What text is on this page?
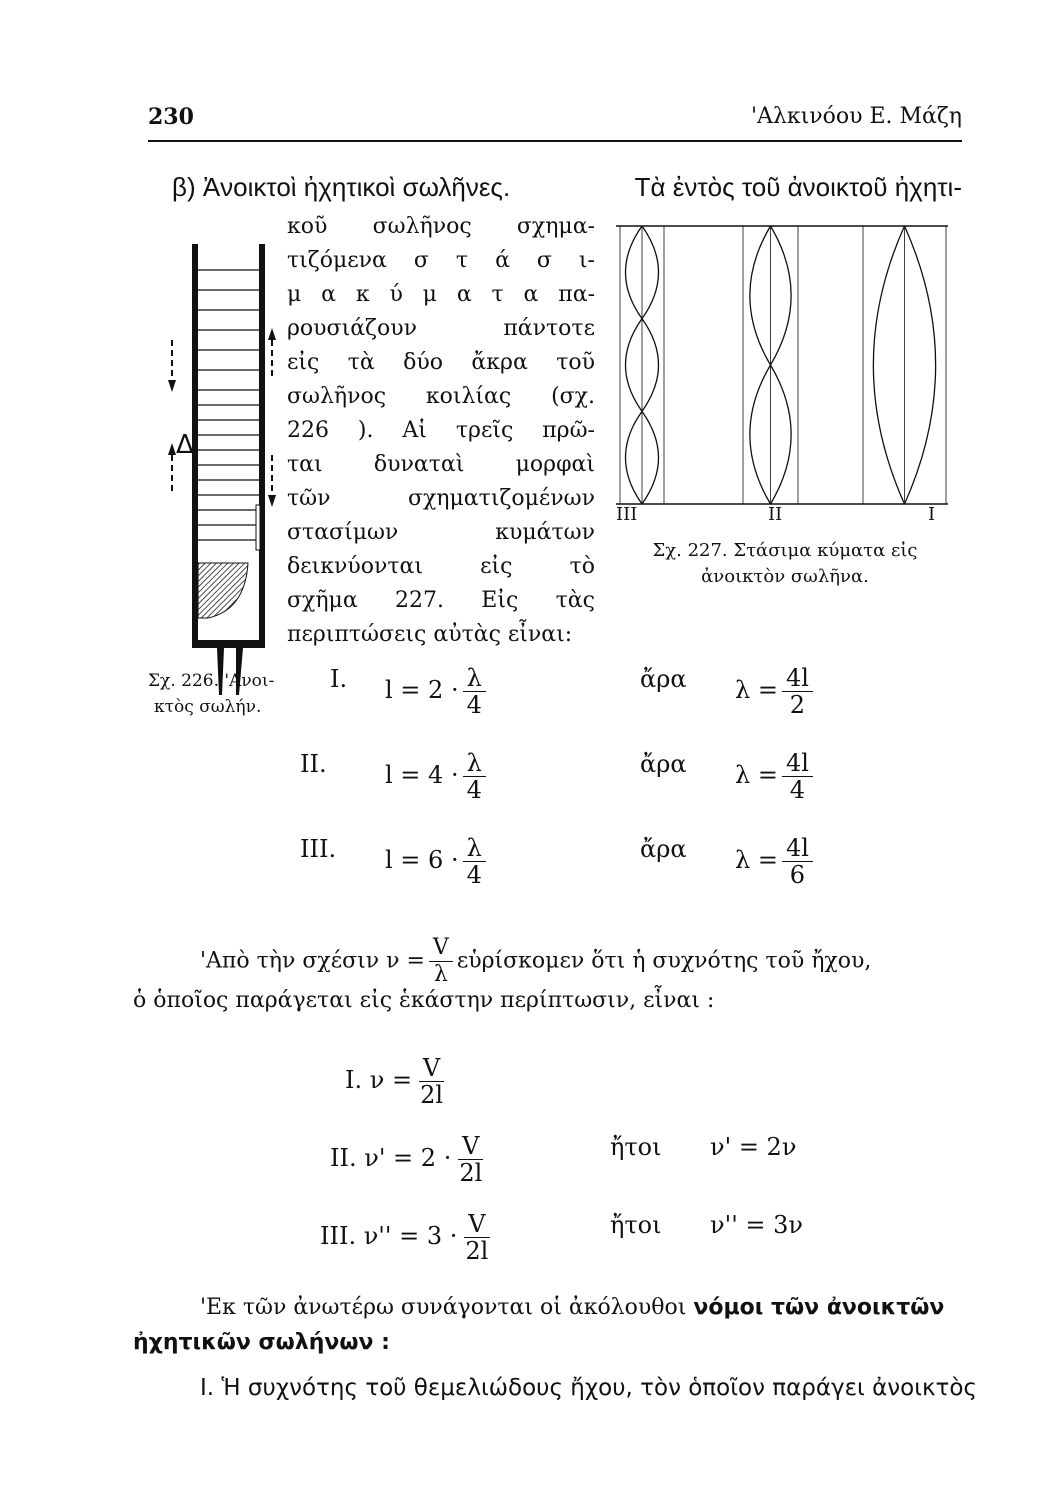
230	'Αλκινόου Ε. Μάζη
β) Ἀνοικτοὶ ἠχητικοὶ σωλῆνες.	Τὰ ἐντὸς τοῦ ἀνοικτοῦ ἠχητι-
κοῦ σωλῆνος σχημα-
τιζόμενα σ τ ά σ ι-
μ α κ ύ μ α τ α πα-
ρουσιάζουν πάντοτε
εἰς τὰ δύο ἄκρα τοῦ
σωλῆνος κοιλίας (σχ.
226 ). Αἱ τρεῖς πρῶ-
ται δυναταὶ μορφαὶ
τῶν σχηματιζομένων
στασίμων κυμάτων
δεικνύονται εἰς τὸ
σχῆμα 227. Εἰς τὰς
περιπτώσεις αὐτὰς εἶναι:
Δ
Σχ. 226. 'Ανοι-
κτὸς σωλήν.
III	II	I
Σχ. 227. Στάσιμα κύματα εἰς
ἀνοικτὸν σωλῆνα.
'Απὸ τὴν σχέσιν $\nu = \frac{V}{\lambda}$ εὑρίσκομεν ὅτι ἡ συχνότης τοῦ ἤχου,
ὁ ὁποῖος παράγεται εἰς ἑκάστην περίπτωσιν, εἶναι :
'Εκ τῶν ἀνωτέρω συνάγονται οἱ ἀκόλουθοι νόμοι τῶν ἀνοικτῶν
ἠχητικῶν σωλήνων :
I. Ἡ συχνότης τοῦ θεμελιώδους ἤχου, τὸν ὁποῖον παράγει ἀνοικτὸς
I. $l = 2 \cdot \frac{\lambda}{4}$	ἄρα $\lambda = \frac{4l}{2}$
II. $l = 4 \cdot \frac{\lambda}{4}$	ἄρα $\lambda = \frac{4l}{4}$
III. $l = 6 \cdot \frac{\lambda}{4}$	ἄρα $\lambda = \frac{4l}{6}$
I. $\nu = \frac{V}{2l}$
II. $\nu' = 2 \cdot \frac{V}{2l}$	ἤτοι ν' = 2ν
III. $\nu'' = 3 \cdot \frac{V}{2l}$	ἤτοι ν'' = 3ν
